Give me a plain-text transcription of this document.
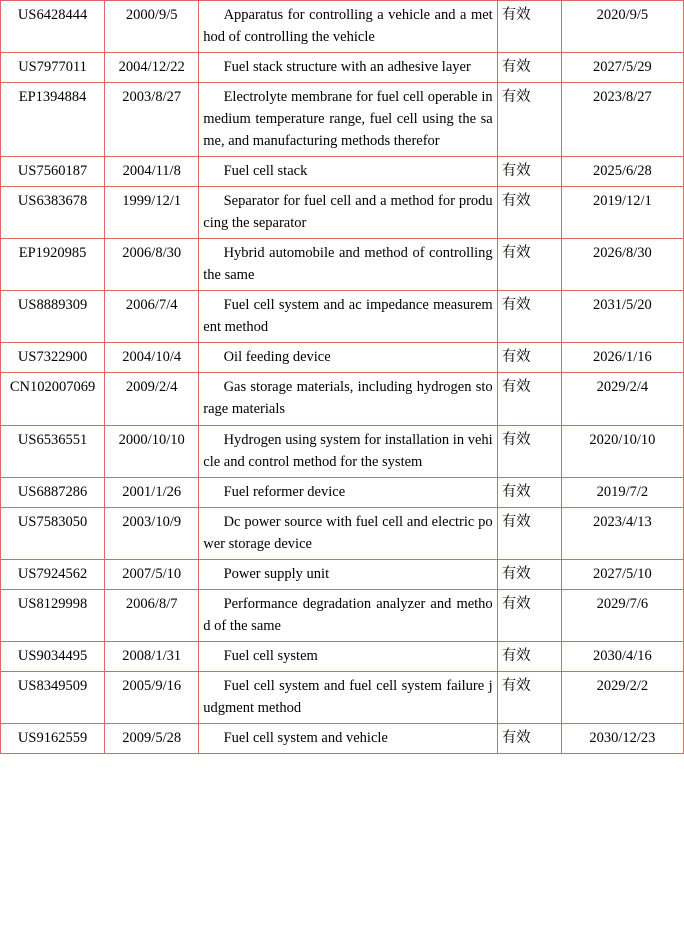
US6428444	2000/9/5	Apparatus for controlling a vehicle and a method of controlling the vehicle	有效	2020/9/5
US7977011	2004/12/22	Fuel stack structure with an adhesive layer	有效	2027/5/29
EP1394884	2003/8/27	Electrolyte membrane for fuel cell operable in medium temperature range, fuel cell using the same, and manufacturing methods therefor	有效	2023/8/27
US7560187	2004/11/8	Fuel cell stack	有效	2025/6/28
US6383678	1999/12/1	Separator for fuel cell and a method for producing the separator	有效	2019/12/1
EP1920985	2006/8/30	Hybrid automobile and method of controlling the same	有效	2026/8/30
US8889309	2006/7/4	Fuel cell system and ac impedance measurement method	有效	2031/5/20
US7322900	2004/10/4	Oil feeding device	有效	2026/1/16
CN102007069	2009/2/4	Gas storage materials, including hydrogen storage materials	有效	2029/2/4
US6536551	2000/10/10	Hydrogen using system for installation in vehicle and control method for the system	有效	2020/10/10
US6887286	2001/1/26	Fuel reformer device	有效	2019/7/2
US7583050	2003/10/9	Dc power source with fuel cell and electric power storage device	有效	2023/4/13
US7924562	2007/5/10	Power supply unit	有效	2027/5/10
US8129998	2006/8/7	Performance degradation analyzer and method of the same	有效	2029/7/6
US9034495	2008/1/31	Fuel cell system	有效	2030/4/16
US8349509	2005/9/16	Fuel cell system and fuel cell system failure judgment method	有效	2029/2/2
US9162559	2009/5/28	Fuel cell system and vehicle	有效	2030/12/23
